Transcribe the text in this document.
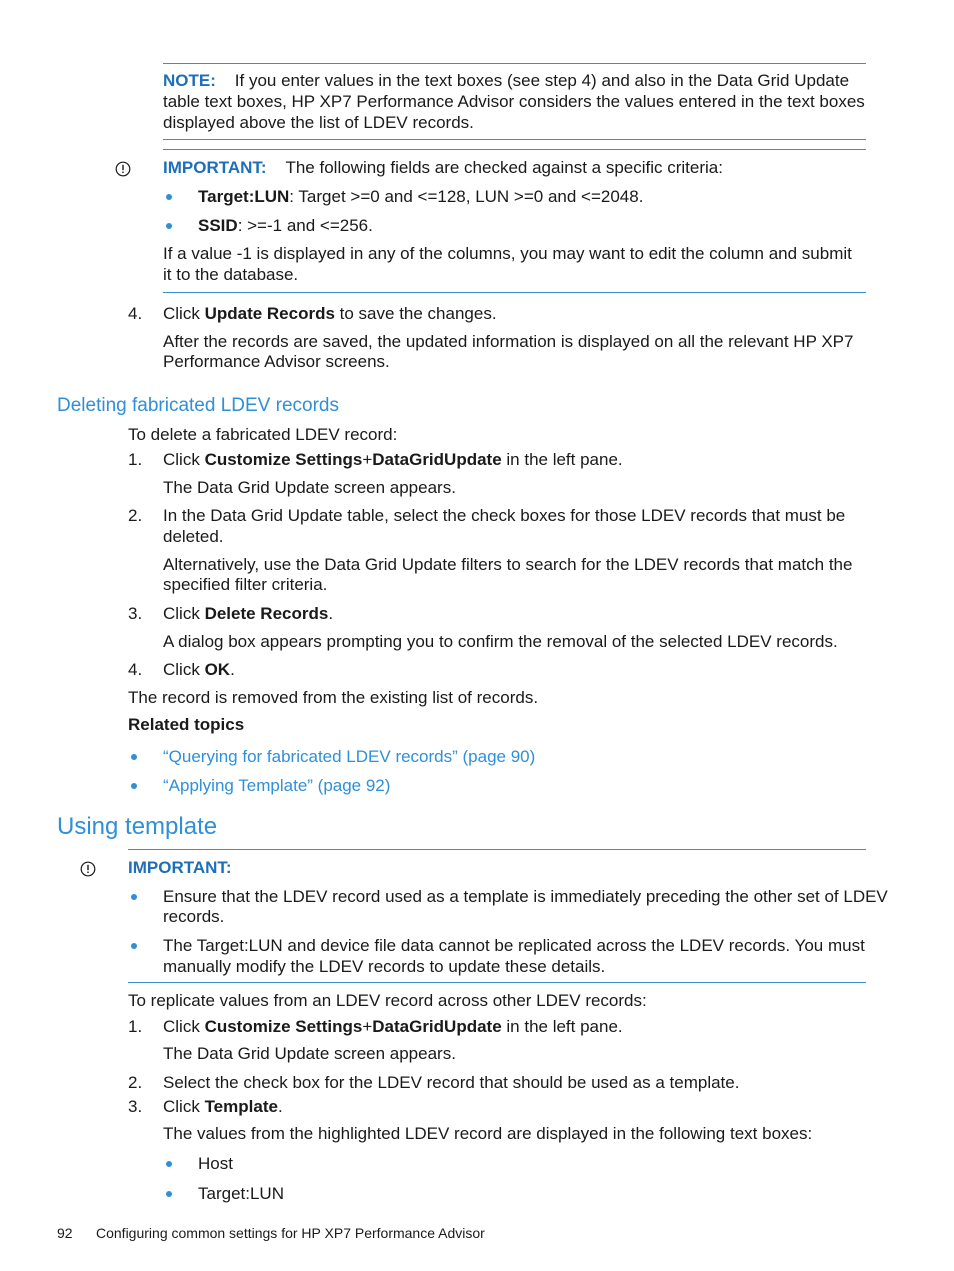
NOTE: If you enter values in the text boxes (see step 4) and also in the Data Grid Update
table text boxes, HP XP7 Performance Advisor considers the values entered in the text boxes
displayed above the list of LDEV records.
IMPORTANT: The following fields are checked against a specific criteria:
Target:LUN: Target >=0 and <=128, LUN >=0 and <=2048.
SSID: >=-1 and <=256.
If a value -1 is displayed in any of the columns, you may want to edit the column and submit
it to the database.
4. Click Update Records to save the changes.
After the records are saved, the updated information is displayed on all the relevant HP XP7
Performance Advisor screens.
Deleting fabricated LDEV records
To delete a fabricated LDEV record:
1. Click Customize Settings+DataGridUpdate in the left pane.
The Data Grid Update screen appears.
2. In the Data Grid Update table, select the check boxes for those LDEV records that must be
deleted.
Alternatively, use the Data Grid Update filters to search for the LDEV records that match the
specified filter criteria.
3. Click Delete Records.
A dialog box appears prompting you to confirm the removal of the selected LDEV records.
4. Click OK.
The record is removed from the existing list of records.
Related topics
“Querying for fabricated LDEV records” (page 90)
“Applying Template” (page 92)
Using template
IMPORTANT:
Ensure that the LDEV record used as a template is immediately preceding the other set of LDEV
records.
The Target:LUN and device file data cannot be replicated across the LDEV records. You must
manually modify the LDEV records to update these details.
To replicate values from an LDEV record across other LDEV records:
1. Click Customize Settings+DataGridUpdate in the left pane.
The Data Grid Update screen appears.
2. Select the check box for the LDEV record that should be used as a template.
3. Click Template.
The values from the highlighted LDEV record are displayed in the following text boxes:
Host
Target:LUN
92 Configuring common settings for HP XP7 Performance Advisor
